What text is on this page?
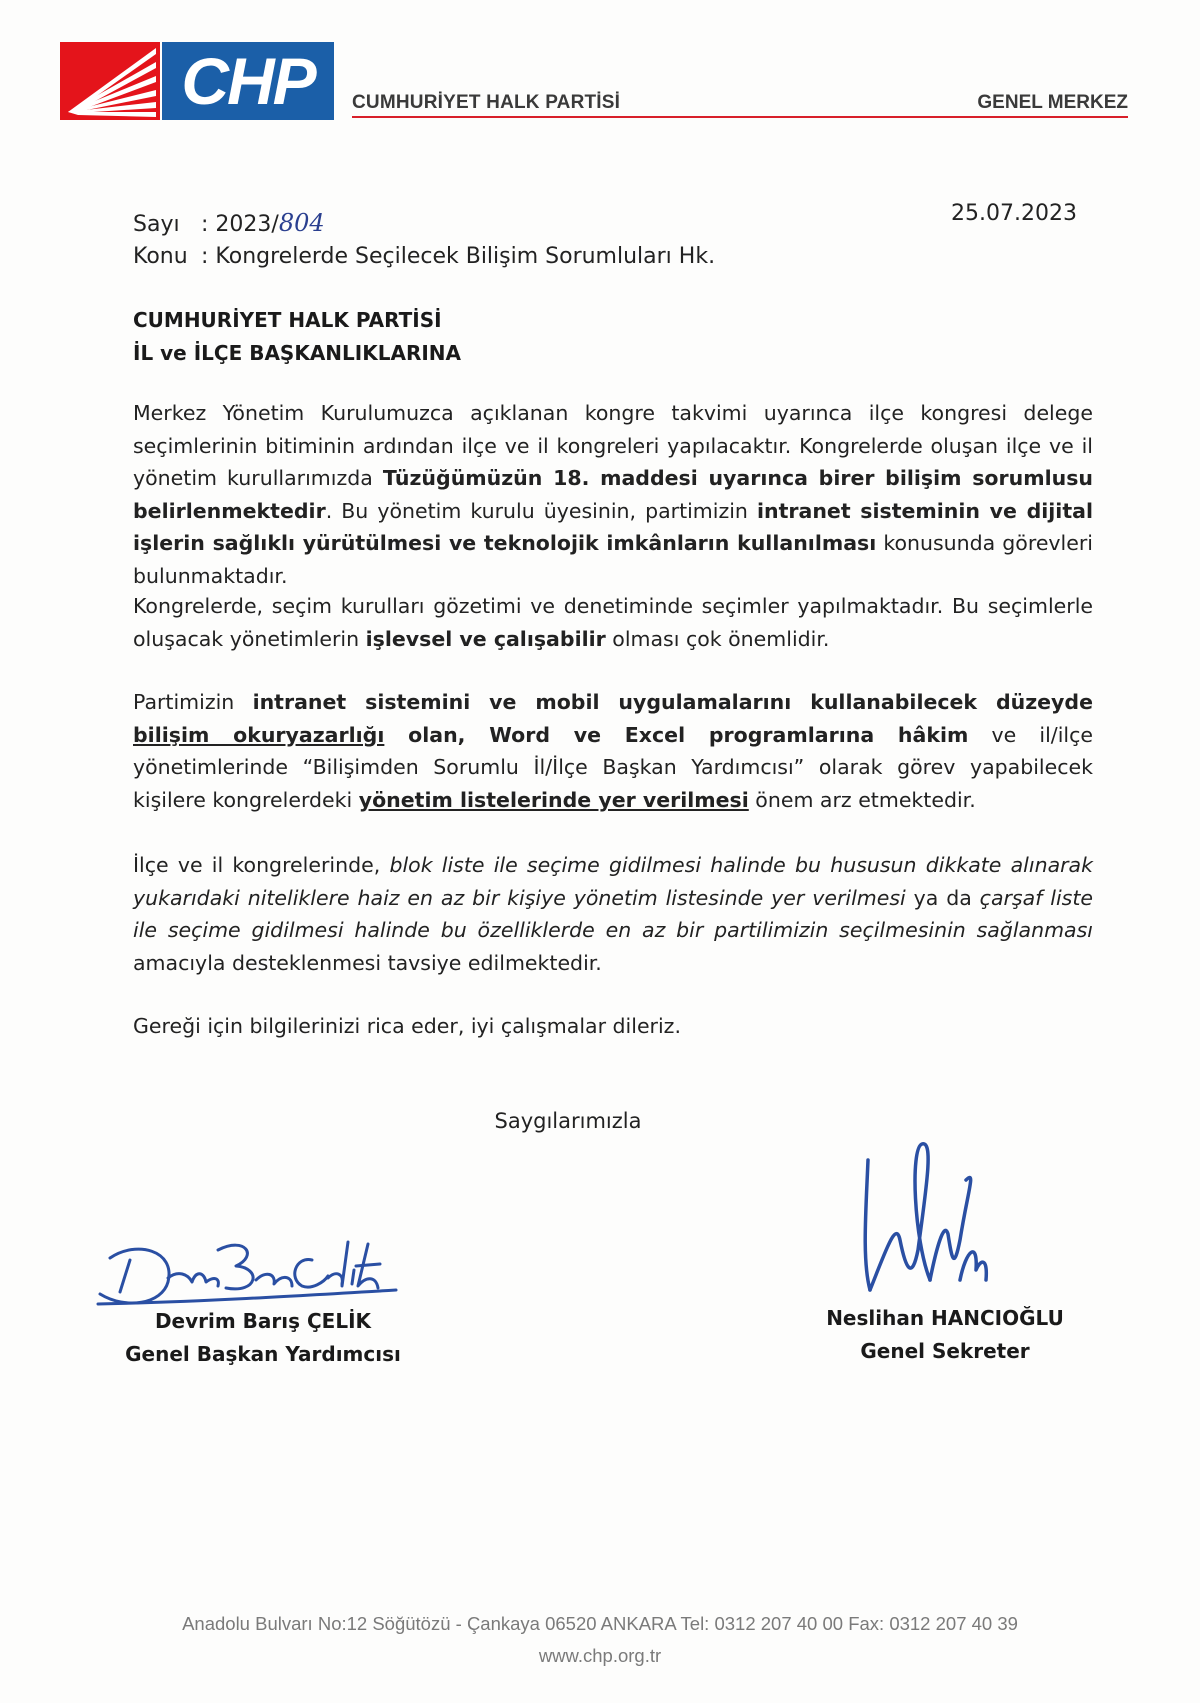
CHP	CUMHURİYET HALK PARTİSİ	GENEL MERKEZ
Sayı : 2023/804
Konu : Kongrelerde Seçilecek Bilişim Sorumluları Hk.
25.07.2023
CUMHURİYET HALK PARTİSİ
İL ve İLÇE BAŞKANLIKLARINA
Merkez Yönetim Kurulumuzca açıklanan kongre takvimi uyarınca ilçe kongresi delege seçimlerinin bitiminin ardından ilçe ve il kongreleri yapılacaktır. Kongrelerde oluşan ilçe ve il yönetim kurullarımızda Tüzüğümüzün 18. maddesi uyarınca birer bilişim sorumlusu belirlenmektedir. Bu yönetim kurulu üyesinin, partimizin intranet sisteminin ve dijital işlerin sağlıklı yürütülmesi ve teknolojik imkânların kullanılması konusunda görevleri bulunmaktadır.
Kongrelerde, seçim kurulları gözetimi ve denetiminde seçimler yapılmaktadır. Bu seçimlerle oluşacak yönetimlerin işlevsel ve çalışabilir olması çok önemlidir.
Partimizin intranet sistemini ve mobil uygulamalarını kullanabilecek düzeyde bilişim okuryazarlığı olan, Word ve Excel programlarına hâkim ve il/ilçe yönetimlerinde “Bilişimden Sorumlu İl/İlçe Başkan Yardımcısı” olarak görev yapabilecek kişilere kongrelerdeki yönetim listelerinde yer verilmesi önem arz etmektedir.
İlçe ve il kongrelerinde, blok liste ile seçime gidilmesi halinde bu hususun dikkate alınarak yukarıdaki niteliklere haiz en az bir kişiye yönetim listesinde yer verilmesi ya da çarşaf liste ile seçime gidilmesi halinde bu özelliklerde en az bir partilimizin seçilmesinin sağlanması amacıyla desteklenmesi tavsiye edilmektedir.
Gereği için bilgilerinizi rica eder, iyi çalışmalar dileriz.
Saygılarımızla
Devrim Barış ÇELİK
Genel Başkan Yardımcısı
Neslihan HANCIOĞLU
Genel Sekreter
Anadolu Bulvarı No:12 Söğütözü - Çankaya 06520 ANKARA Tel: 0312 207 40 00 Fax: 0312 207 40 39
www.chp.org.tr
